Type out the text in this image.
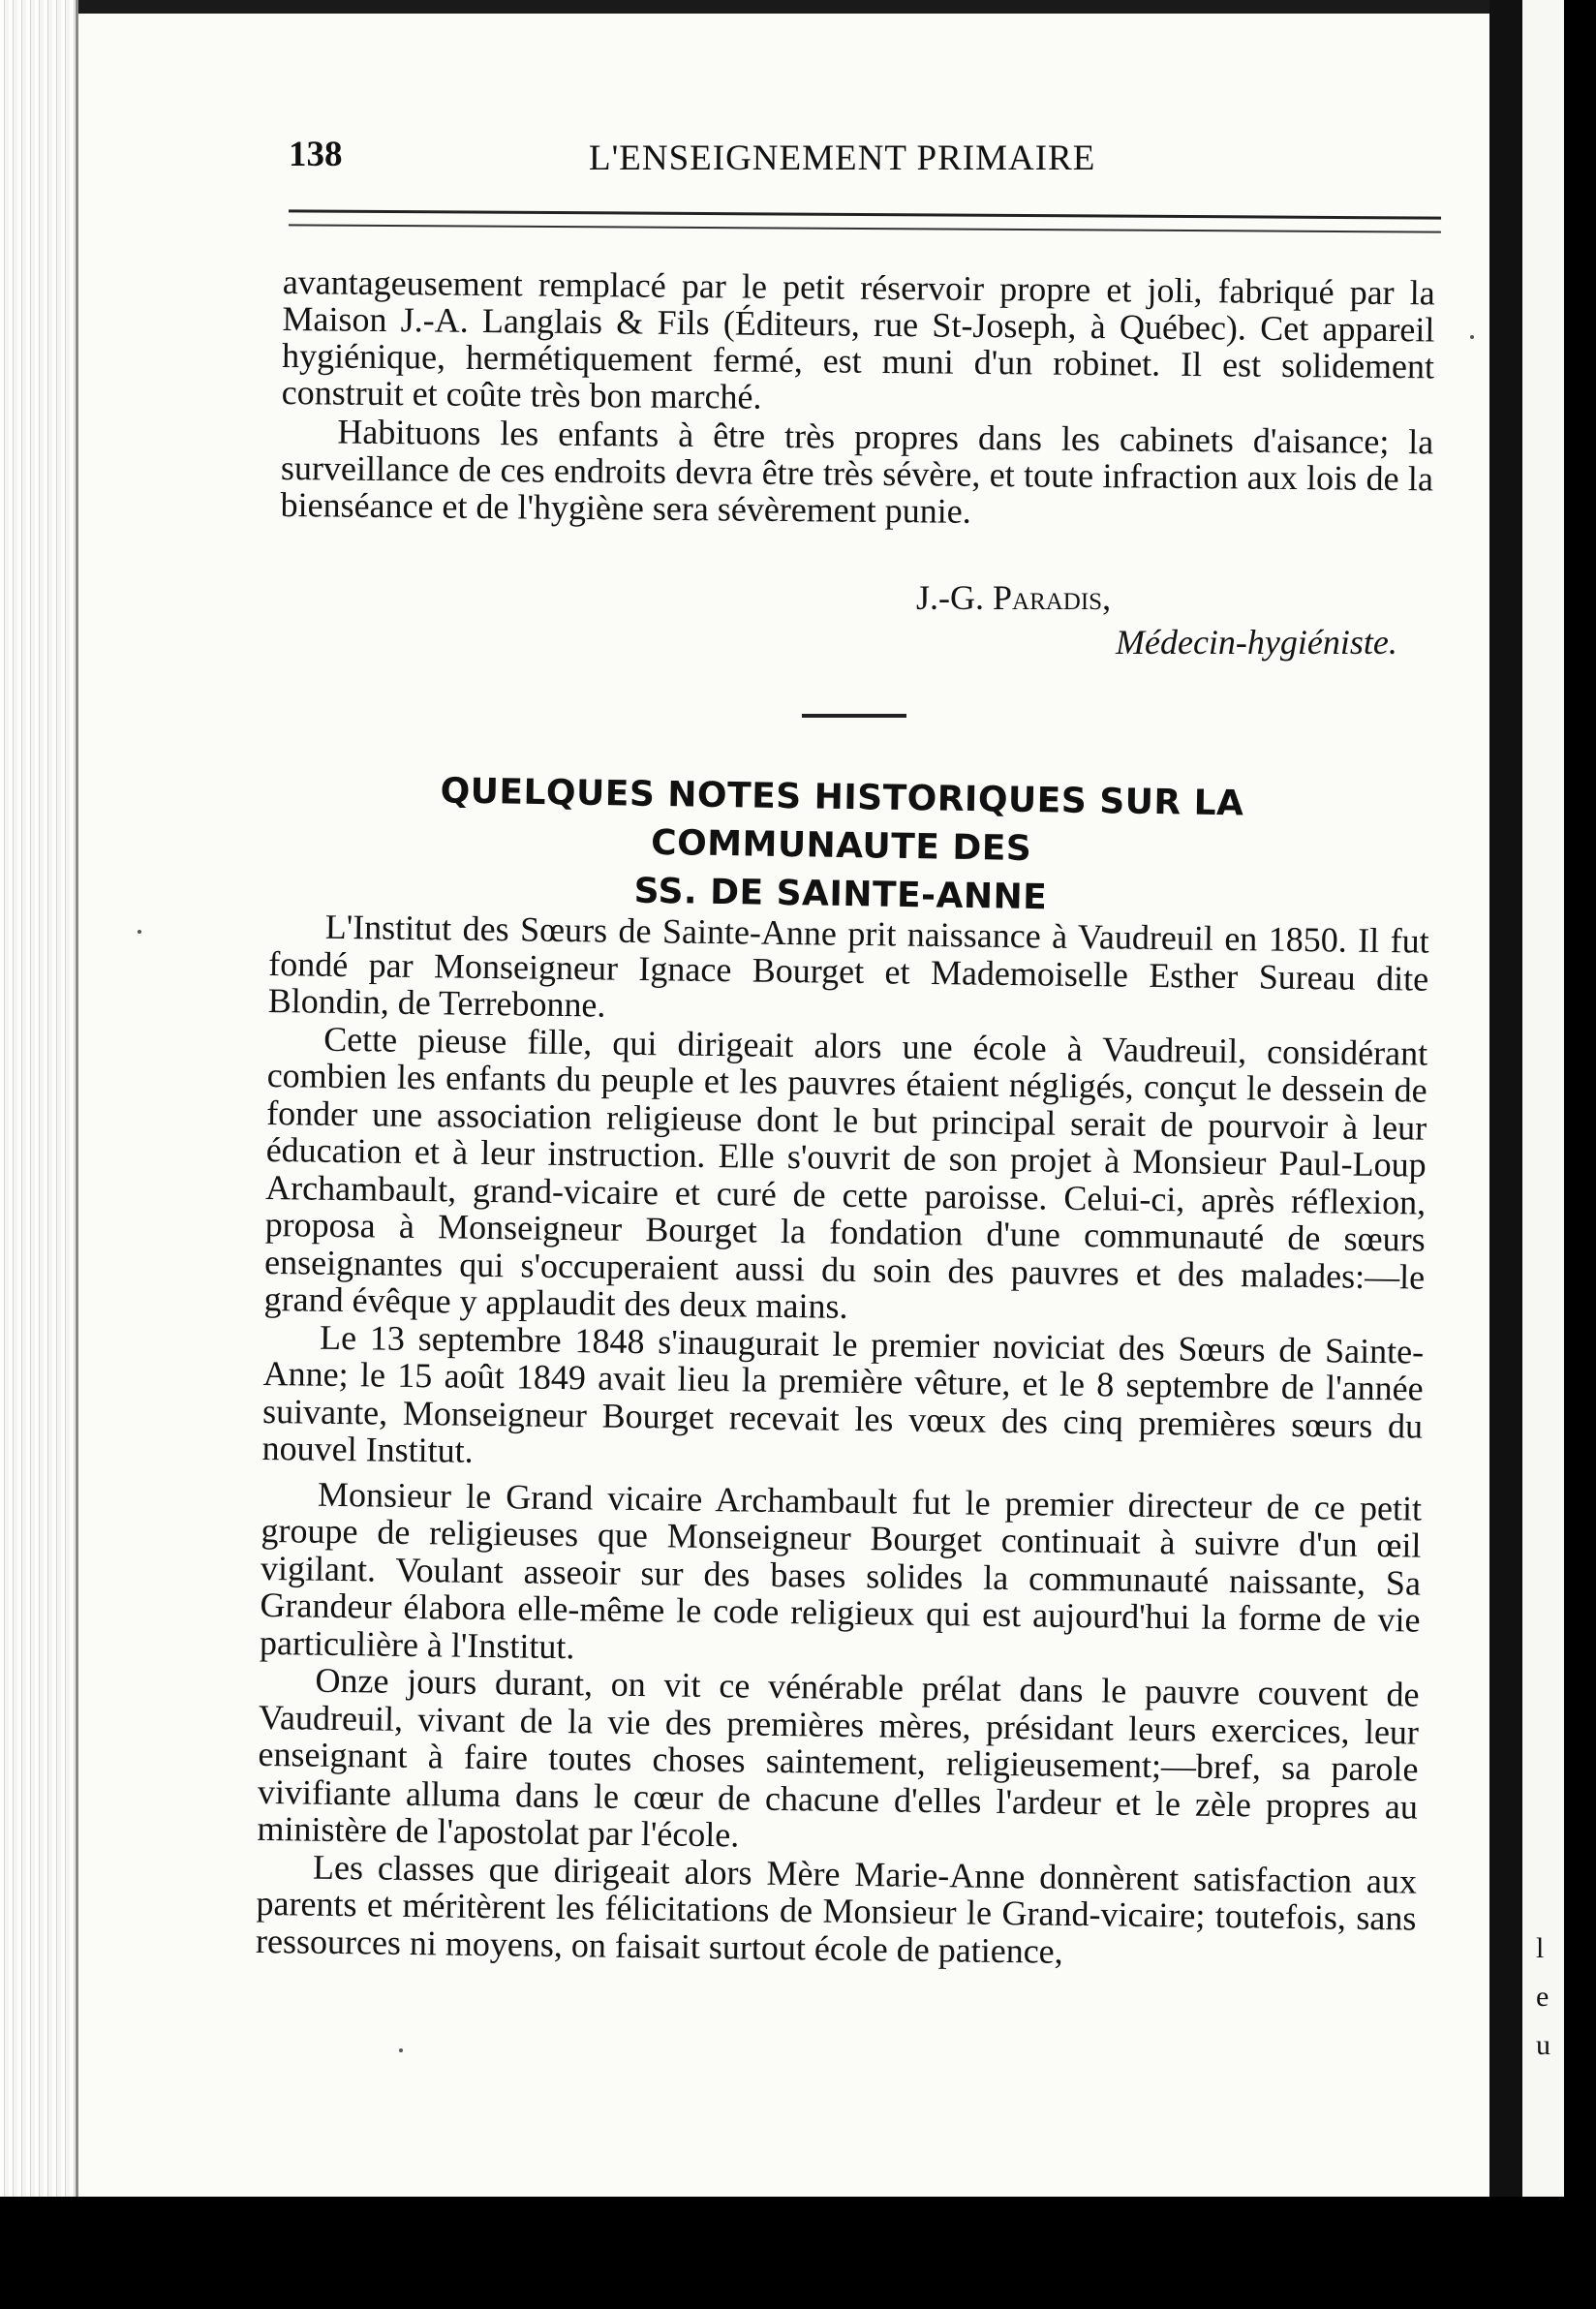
l
e
u
138	L'ENSEIGNEMENT PRIMAIRE

avantageusement remplacé par le petit réservoir propre et joli, fabriqué par la Maison J.-A. Langlais & Fils (Éditeurs, rue St-Joseph, à Québec). Cet appareil hygiénique, hermétiquement fermé, est muni d'un robinet. Il est solidement construit et coûte très bon marché.

Habituons les enfants à être très propres dans les cabinets d'aisance; la surveillance de ces endroits devra être très sévère, et toute infraction aux lois de la bienséance et de l'hygiène sera sévèrement punie.

J.-G. Paradis,
Médecin-hygiéniste.
QUELQUES NOTES HISTORIQUES SUR LA COMMUNAUTE DES
SS. DE SAINTE-ANNE

L'Institut des Sœurs de Sainte-Anne prit naissance à Vaudreuil en 1850. Il fut fondé par Monseigneur Ignace Bourget et Mademoiselle Esther Sureau dite Blondin, de Terrebonne.

Cette pieuse fille, qui dirigeait alors une école à Vaudreuil, considérant combien les enfants du peuple et les pauvres étaient négligés, conçut le dessein de fonder une association religieuse dont le but principal serait de pourvoir à leur éducation et à leur instruction. Elle s'ouvrit de son projet à Monsieur Paul-Loup Archambault, grand-vicaire et curé de cette paroisse. Celui-ci, après réflexion, proposa à Monseigneur Bourget la fondation d'une communauté de sœurs enseignantes qui s'occuperaient aussi du soin des pauvres et des malades:—le grand évêque y applaudit des deux mains.

Le 13 septembre 1848 s'inaugurait le premier noviciat des Sœurs de Sainte-Anne; le 15 août 1849 avait lieu la première vêture, et le 8 septembre de l'année suivante, Monseigneur Bourget recevait les vœux des cinq premières sœurs du nouvel Institut.

Monsieur le Grand vicaire Archambault fut le premier directeur de ce petit groupe de religieuses que Monseigneur Bourget continuait à suivre d'un œil vigilant. Voulant asseoir sur des bases solides la communauté naissante, Sa Grandeur élabora elle-même le code religieux qui est aujourd'hui la forme de vie particulière à l'Institut.

Onze jours durant, on vit ce vénérable prélat dans le pauvre couvent de Vaudreuil, vivant de la vie des premières mères, présidant leurs exercices, leur enseignant à faire toutes choses saintement, religieusement;—bref, sa parole vivifiante alluma dans le cœur de chacune d'elles l'ardeur et le zèle propres au ministère de l'apostolat par l'école.

Les classes que dirigeait alors Mère Marie-Anne donnèrent satisfaction aux parents et méritèrent les félicitations de Monsieur le Grand-vicaire; toutefois, sans ressources ni moyens, on faisait surtout école de patience,
